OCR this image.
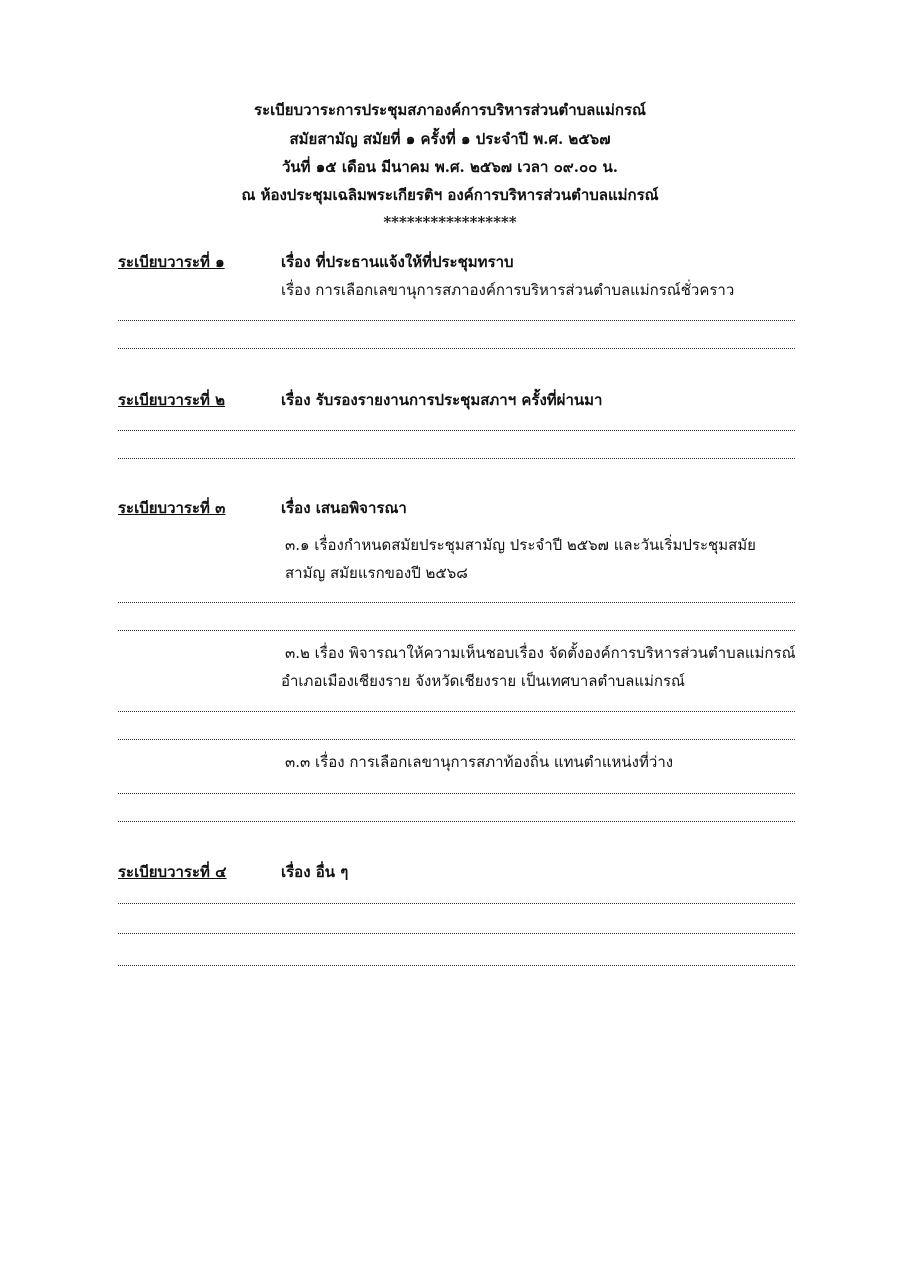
ระเบียบวาระการประชุมสภาองค์การบริหารส่วนตำบลแม่กรณ์
สมัยสามัญ สมัยที่ ๑ ครั้งที่ ๑ ประจำปี พ.ศ. ๒๕๖๗
วันที่ ๑๕ เดือน มีนาคม พ.ศ. ๒๕๖๗ เวลา ๐๙.๐๐ น.
ณ ห้องประชุมเฉลิมพระเกียรติฯ องค์การบริหารส่วนตำบลแม่กรณ์
*****************
ระเบียบวาระที่ ๑	เรื่อง ที่ประธานแจ้งให้ที่ประชุมทราบ
เรื่อง การเลือกเลขานุการสภาองค์การบริหารส่วนตำบลแม่กรณ์ชั่วคราว
ระเบียบวาระที่ ๒	เรื่อง รับรองรายงานการประชุมสภาฯ ครั้งที่ผ่านมา
ระเบียบวาระที่ ๓	เรื่อง เสนอพิจารณา
๓.๑ เรื่องกำหนดสมัยประชุมสามัญ ประจำปี ๒๕๖๗ และวันเริ่มประชุมสมัย
สามัญ สมัยแรกของปี ๒๕๖๘
๓.๒ เรื่อง พิจารณาให้ความเห็นชอบเรื่อง จัดตั้งองค์การบริหารส่วนตำบลแม่กรณ์
อำเภอเมืองเชียงราย จังหวัดเชียงราย เป็นเทศบาลตำบลแม่กรณ์
๓.๓ เรื่อง การเลือกเลขานุการสภาท้องถิ่น แทนตำแหน่งที่ว่าง
ระเบียบวาระที่ ๔	เรื่อง อื่น ๆ
